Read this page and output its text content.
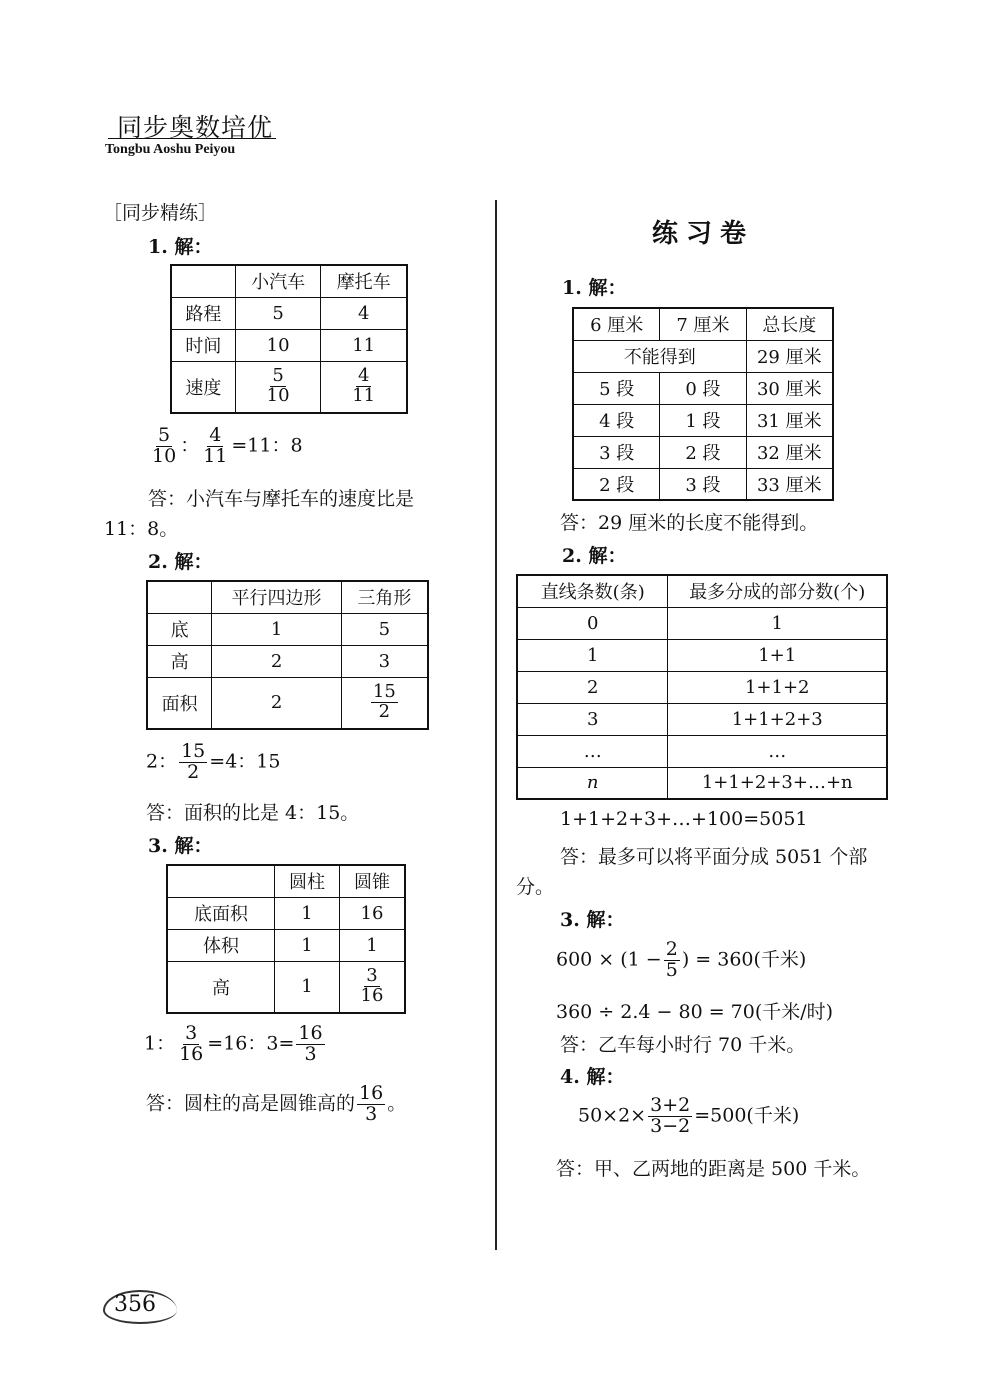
同步奥数培优
Tongbu Aoshu Peiyou
［同步精练］
1. 解：
	小汽车	摩托车
路程	5	4
时间	10	11
速度	$\frac{5}{10}$	$\frac{4}{11}$
$\frac{5}{10}$ ： $\frac{4}{11} =11$：8
答：小汽车与摩托车的速度比是
11：8。
2. 解：
	平行四边形	三角形
底	1	5
高	2	3
面积	2	$\frac{15}{2}$
2： $\frac{15}{2} =4$：15
答：面积的比是 4：15。
3. 解：
	圆柱	圆锥
底面积	1	16
体积	1	1
高	1	$\frac{3}{16}$
1： $\frac{3}{16} =16$：$3= \frac{16}{3}$
答：圆柱的高是圆锥高的 $\frac{16}{3}$ 。
练习卷
1. 解：
6 厘米	7 厘米	总长度
不能得到		29 厘米
5 段	0 段	30 厘米
4 段	1 段	31 厘米
3 段	2 段	32 厘米
2 段	3 段	33 厘米
答：29 厘米的长度不能得到。
2. 解：
直线条数(条)	最多分成的部分数(个)
0	1
1	1+1
2	1+1+2
3	1+1+2+3
…	…
n	1+1+2+3+…+n
1+1+2+3+…+100=5051
答：最多可以将平面分成 5051 个部
分。
3. 解：
$600 \times (1 - \frac{2}{5}$ ) = 360(千米)
360 ÷ 2.4 − 80 = 70(千米/时)
答：乙车每小时行 70 千米。
4. 解：
$50\times 2\times \frac{3+2}{3-2} =500$(千米)
答：甲、乙两地的距离是 500 千米。
356
